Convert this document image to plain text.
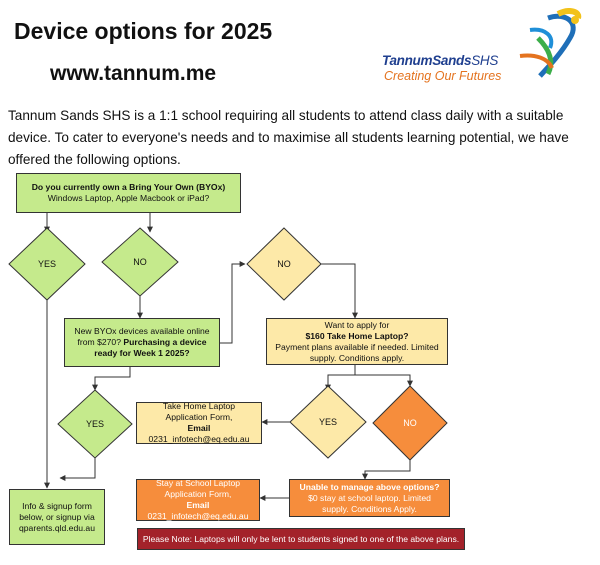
Device options for 2025
www.tannum.me
TannumSandsSHS
Creating Our Futures
Tannum Sands SHS is a 1:1 school requiring all students to attend class daily with a suitable device. To cater to everyone's needs and to maximise all students learning potential, we have offered the following options.
YES	NO	NO
YES	YES	NO
Do you currently own a Bring Your Own (BYOx)
Windows Laptop, Apple Macbook or iPad?
New BYOx devices available online
from $270? Purchasing a device ready for Week 1 2025?
Want to apply for
$160 Take Home Laptop?
Payment plans available if needed. Limited supply. Conditions apply.
Take Home Laptop
Application Form,
Email
0231_infotech@eq.edu.au
Info & signup form below, or signup via qparents.qld.edu.au
Unable to manage above options?
$0 stay at school laptop. Limited supply. Conditions Apply.
Stay at School Laptop
Application Form,
Email
0231_infotech@eq.edu.au
Please Note: Laptops will only be lent to students signed to one of the above plans.
